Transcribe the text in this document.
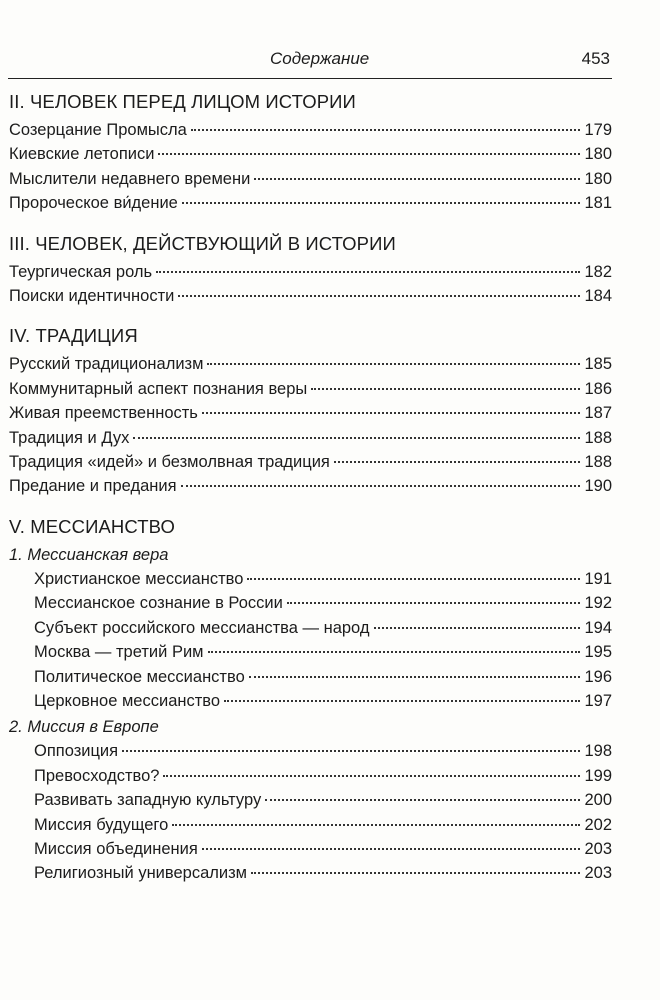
Содержание	453
II. ЧЕЛОВЕК ПЕРЕД ЛИЦОМ ИСТОРИИ
Созерцание Промысла	179
Киевские летописи	180
Мыслители недавнего времени	180
Пророческое ви́дение	181
III. ЧЕЛОВЕК, ДЕЙСТВУЮЩИЙ В ИСТОРИИ
Теургическая роль	182
Поиски идентичности	184
IV. ТРАДИЦИЯ
Русский традиционализм	185
Коммунитарный аспект познания веры	186
Живая преемственность	187
Традиция и Дух	188
Традиция «идей» и безмолвная традиция	188
Предание и предания	190
V. МЕССИАНСТВО
1. Мессианская вера
Христианское мессианство	191
Мессианское сознание в России	192
Субъект российского мессианства — народ	194
Москва — третий Рим	195
Политическое мессианство	196
Церковное мессианство	197
2. Миссия в Европе
Оппозиция	198
Превосходство?	199
Развивать западную культуру	200
Миссия будущего	202
Миссия объединения	203
Религиозный универсализм	203
